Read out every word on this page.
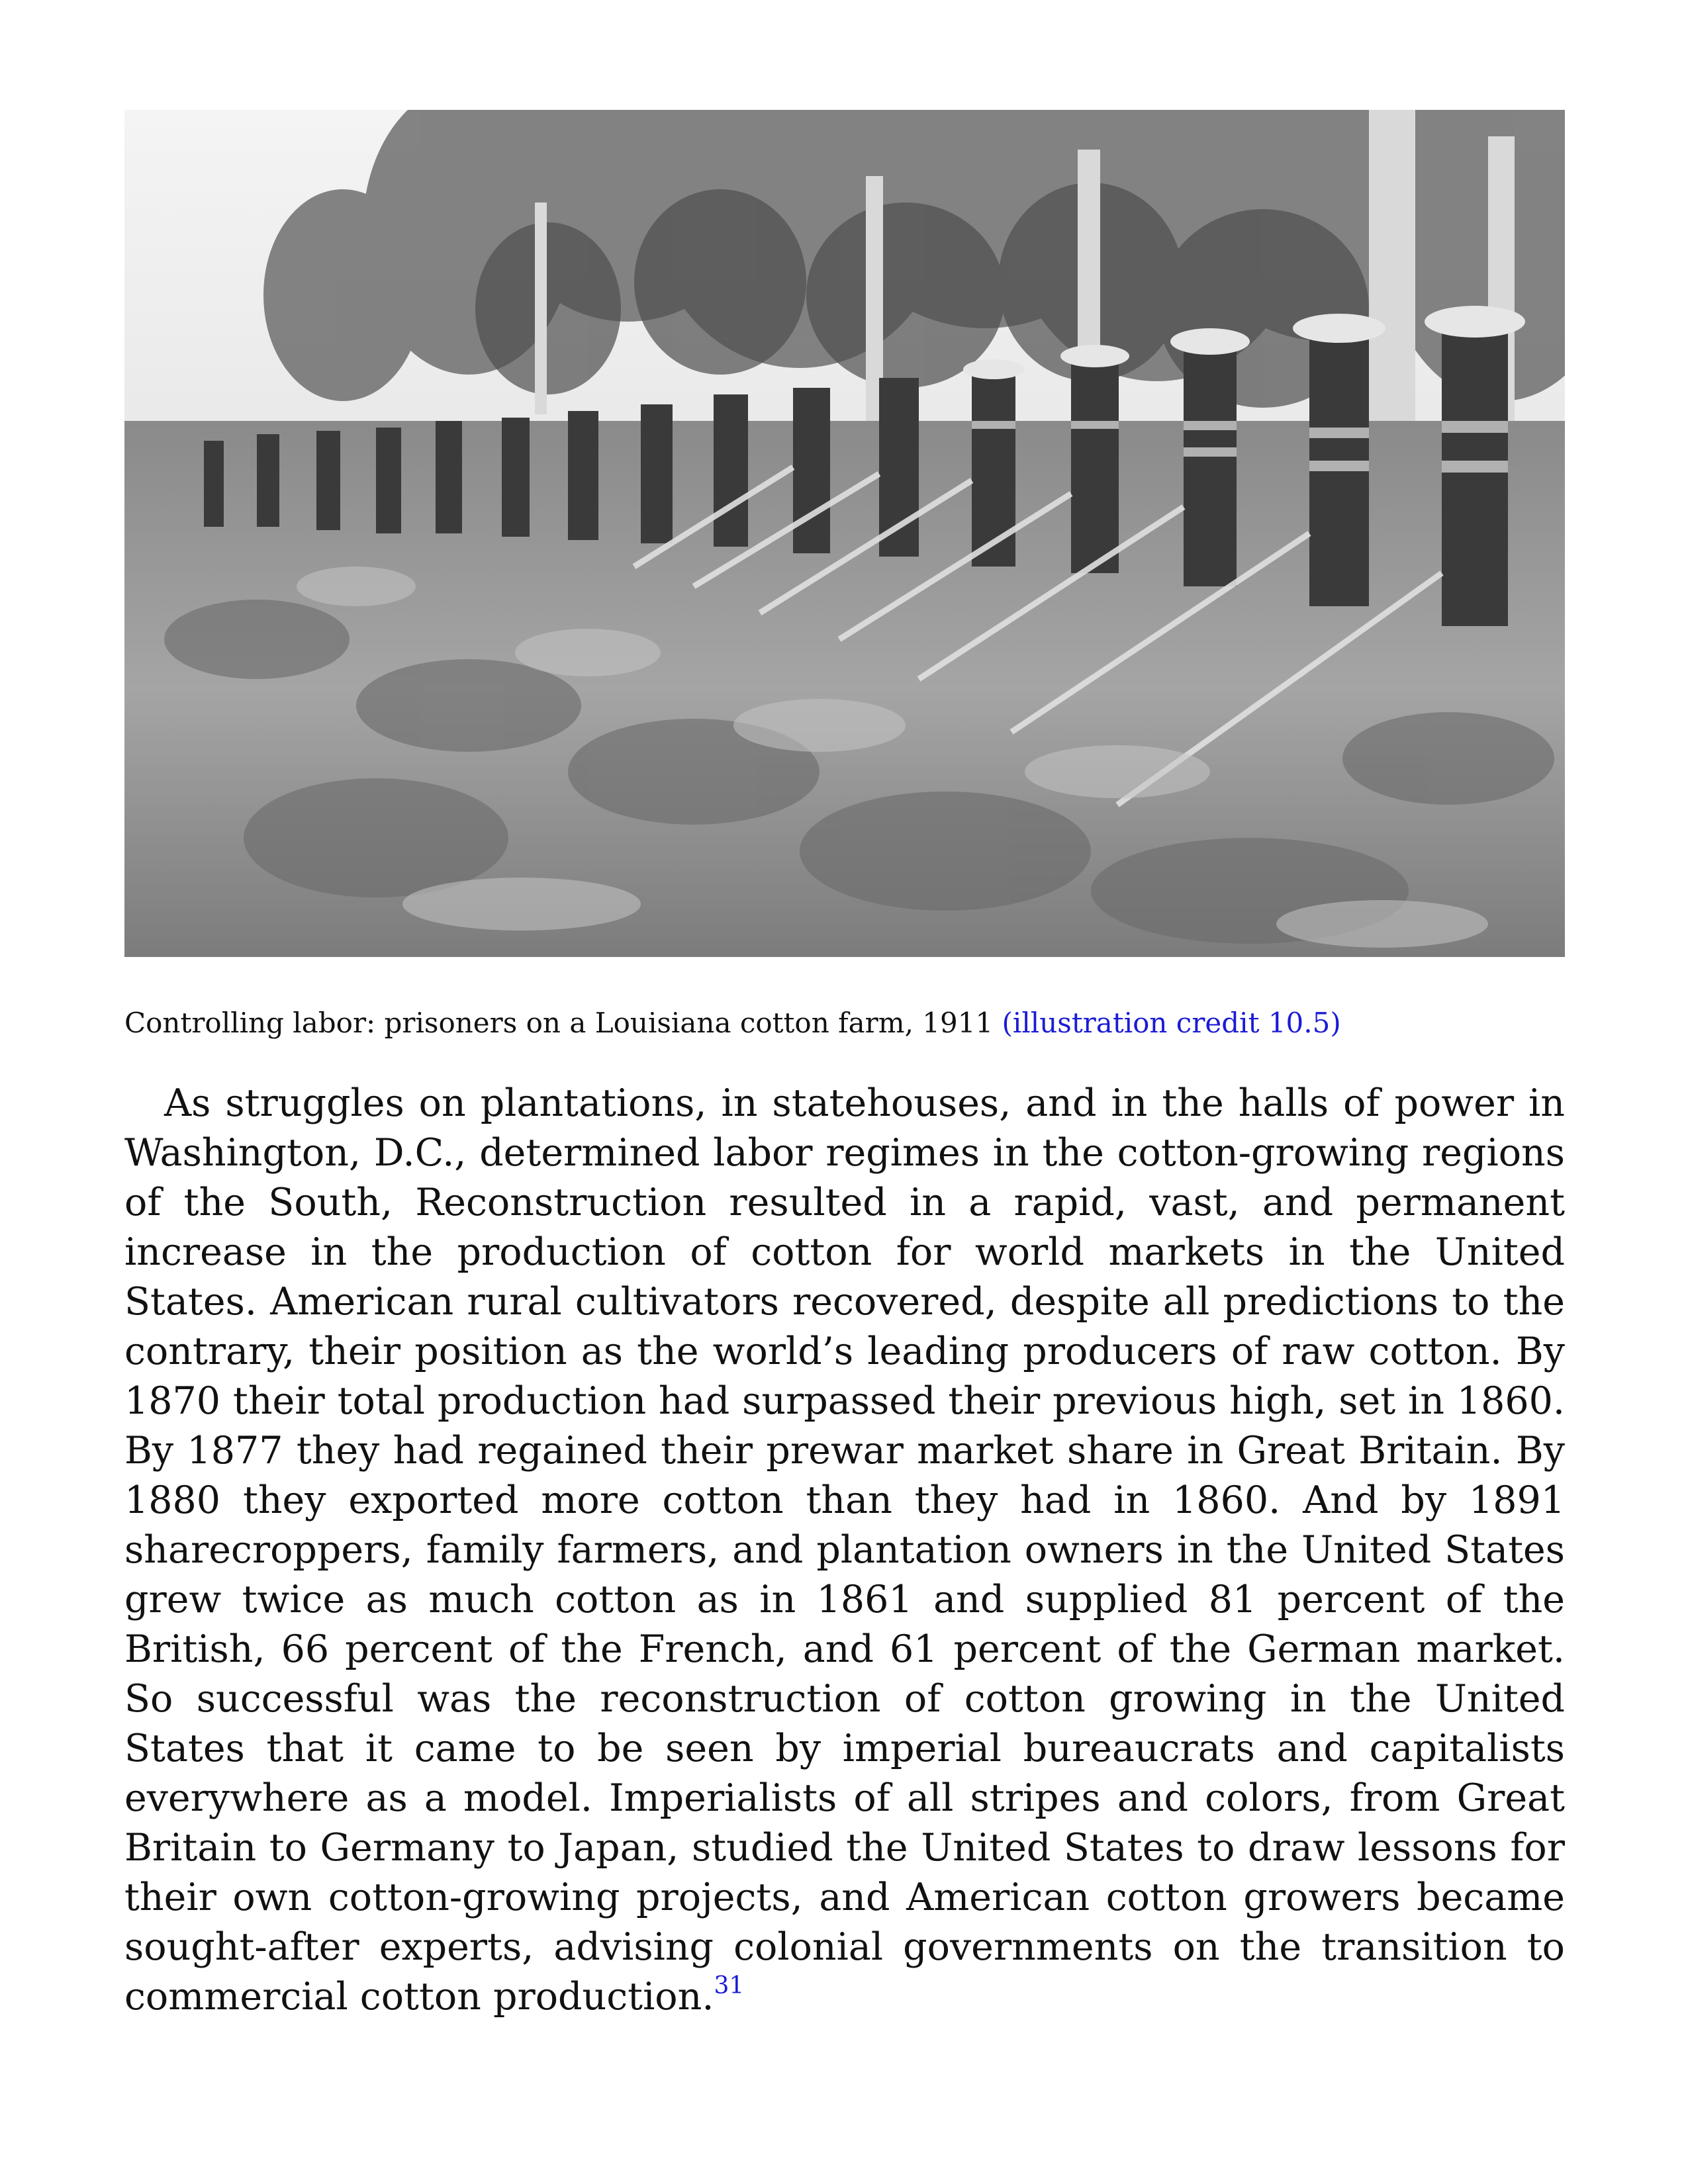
Controlling labor: prisoners on a Louisiana cotton farm, 1911 (illustration credit 10.5)

As struggles on plantations, in statehouses, and in the halls of power in Washington, D.C., determined labor regimes in the cotton-growing regions of the South, Reconstruction resulted in a rapid, vast, and permanent increase in the production of cotton for world markets in the United States. American rural cultivators recovered, despite all predictions to the contrary, their position as the world’s leading producers of raw cotton. By 1870 their total production had surpassed their previous high, set in 1860. By 1877 they had regained their prewar market share in Great Britain. By 1880 they exported more cotton than they had in 1860. And by 1891 sharecroppers, family farmers, and plantation owners in the United States grew twice as much cotton as in 1861 and supplied 81 percent of the British, 66 percent of the French, and 61 percent of the German market. So successful was the reconstruction of cotton growing in the United States that it came to be seen by imperial bureaucrats and capitalists everywhere as a model. Imperialists of all stripes and colors, from Great Britain to Germany to Japan, studied the United States to draw lessons for their own cotton-growing projects, and American cotton growers became sought-after experts, advising colonial governments on the transition to commercial cotton production.$^{31}$
